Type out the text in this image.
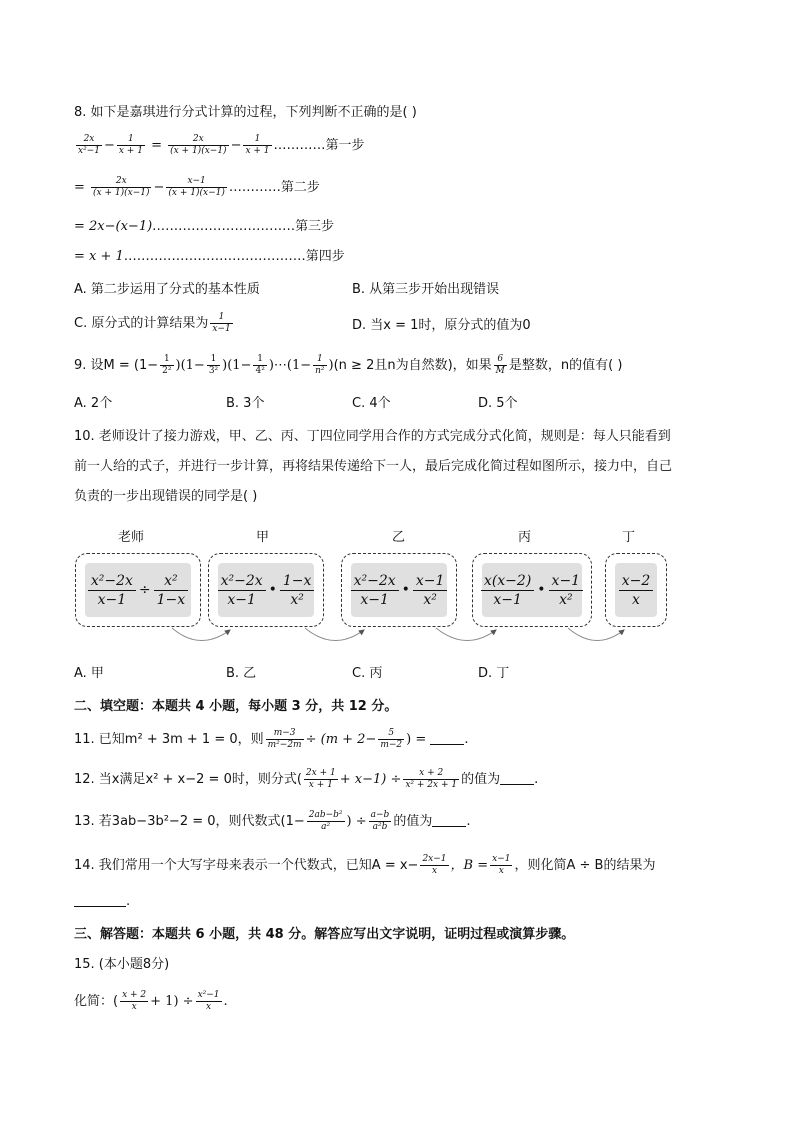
8. 如下是嘉琪进行分式计算的过程，下列判断不正确的是( )
$\frac{2x}{\text{x²−1}} - \frac{1}{x + 1} = \frac{2x}{(x + 1)(x-1)} - \frac{1}{x + 1}$ …………第一步
= $\frac{2x}{(x + 1)(x-1)} - \frac{x-1}{(x + 1)(x-1)}$ …………第二步
= 2x−(x−1)……………………………第三步
= x + 1……………………………………第四步
A. 第二步运用了分式的基本性质	B. 从第三步开始出现错误
C. 原分式的计算结果为 $\frac{1}{x-1}$	D. 当x = 1时，原分式的值为0
9. 设$M = (1- \frac{1}{\text{2²}} )(1- \frac{1}{\text{3²}} )(1- \frac{1}{\text{4²}}$ )⋯(1− $\frac{1}{\text{n²}} )(n \ge 2$且n为自然数)，如果 $\frac{6}{M}$ 是整数，n的值有( )
A. 2个	B. 3个	C. 4个	D. 5个
10. 老师设计了接力游戏，甲、乙、丙、丁四位同学用合作的方式完成分式化简，规则是：每人只能看到
前一人给的式子，并进行一步计算，再将结果传递给下一人，最后完成化简过程如图所示，接力中，自己
负责的一步出现错误的同学是( )
老师	甲	乙	丙	丁
$\frac{\text{x²−2x}}{x-1} \div \frac{\text{x²}}{1-x} \frac{\text{x²−2x}}{x-1}$ • $\frac{1-x}{\text{x²}}$	$\frac{\text{x²−2x}}{x-1}$ • $\frac{x-1}{\text{x²}} \frac{x(x-2)}{x-1}$ • $\frac{x-1}{\text{x²}}$	$\frac{x-2}{x}$
A. 甲	B. 乙	C. 丙	D. 丁
二、填空题：本题共 4 小题，每小题 3 分，共 12 分。
11. 已知m² + 3m + 1 = 0，则 $\frac{m-3}{\text{m²−2m}} \div (m + 2- \frac{5}{m-2}$ ) =	.
12. 当x满足x² + x−2 = 0时，则分式( $\frac{2x + 1}{x + 1} + x-1) \div \frac{x + 2}{\text{x² + 2x + 1}}$ 的值为	.
13. 若3ab−3b²−2 = 0，则代数式($1- \frac{\text{2ab−b²}}{\text{a²}}$ ) ÷ $\frac{a-b}{\text{a²b}}$ 的值为	.
14. 我们常用一个大写字母来表示一个代数式，已知$A = x- \frac{2x-1}{x}$ ，$B = \frac{x-1}{x}$ ，则化简A ÷ B的结果为
.
三、解答题：本题共 6 小题，共 48 分。解答应写出文字说明，证明过程或演算步骤。
15. (本小题8分)
化简：( $\frac{x + 2}{x} + 1) \div \frac{\text{x²−1}}{x}$ .
